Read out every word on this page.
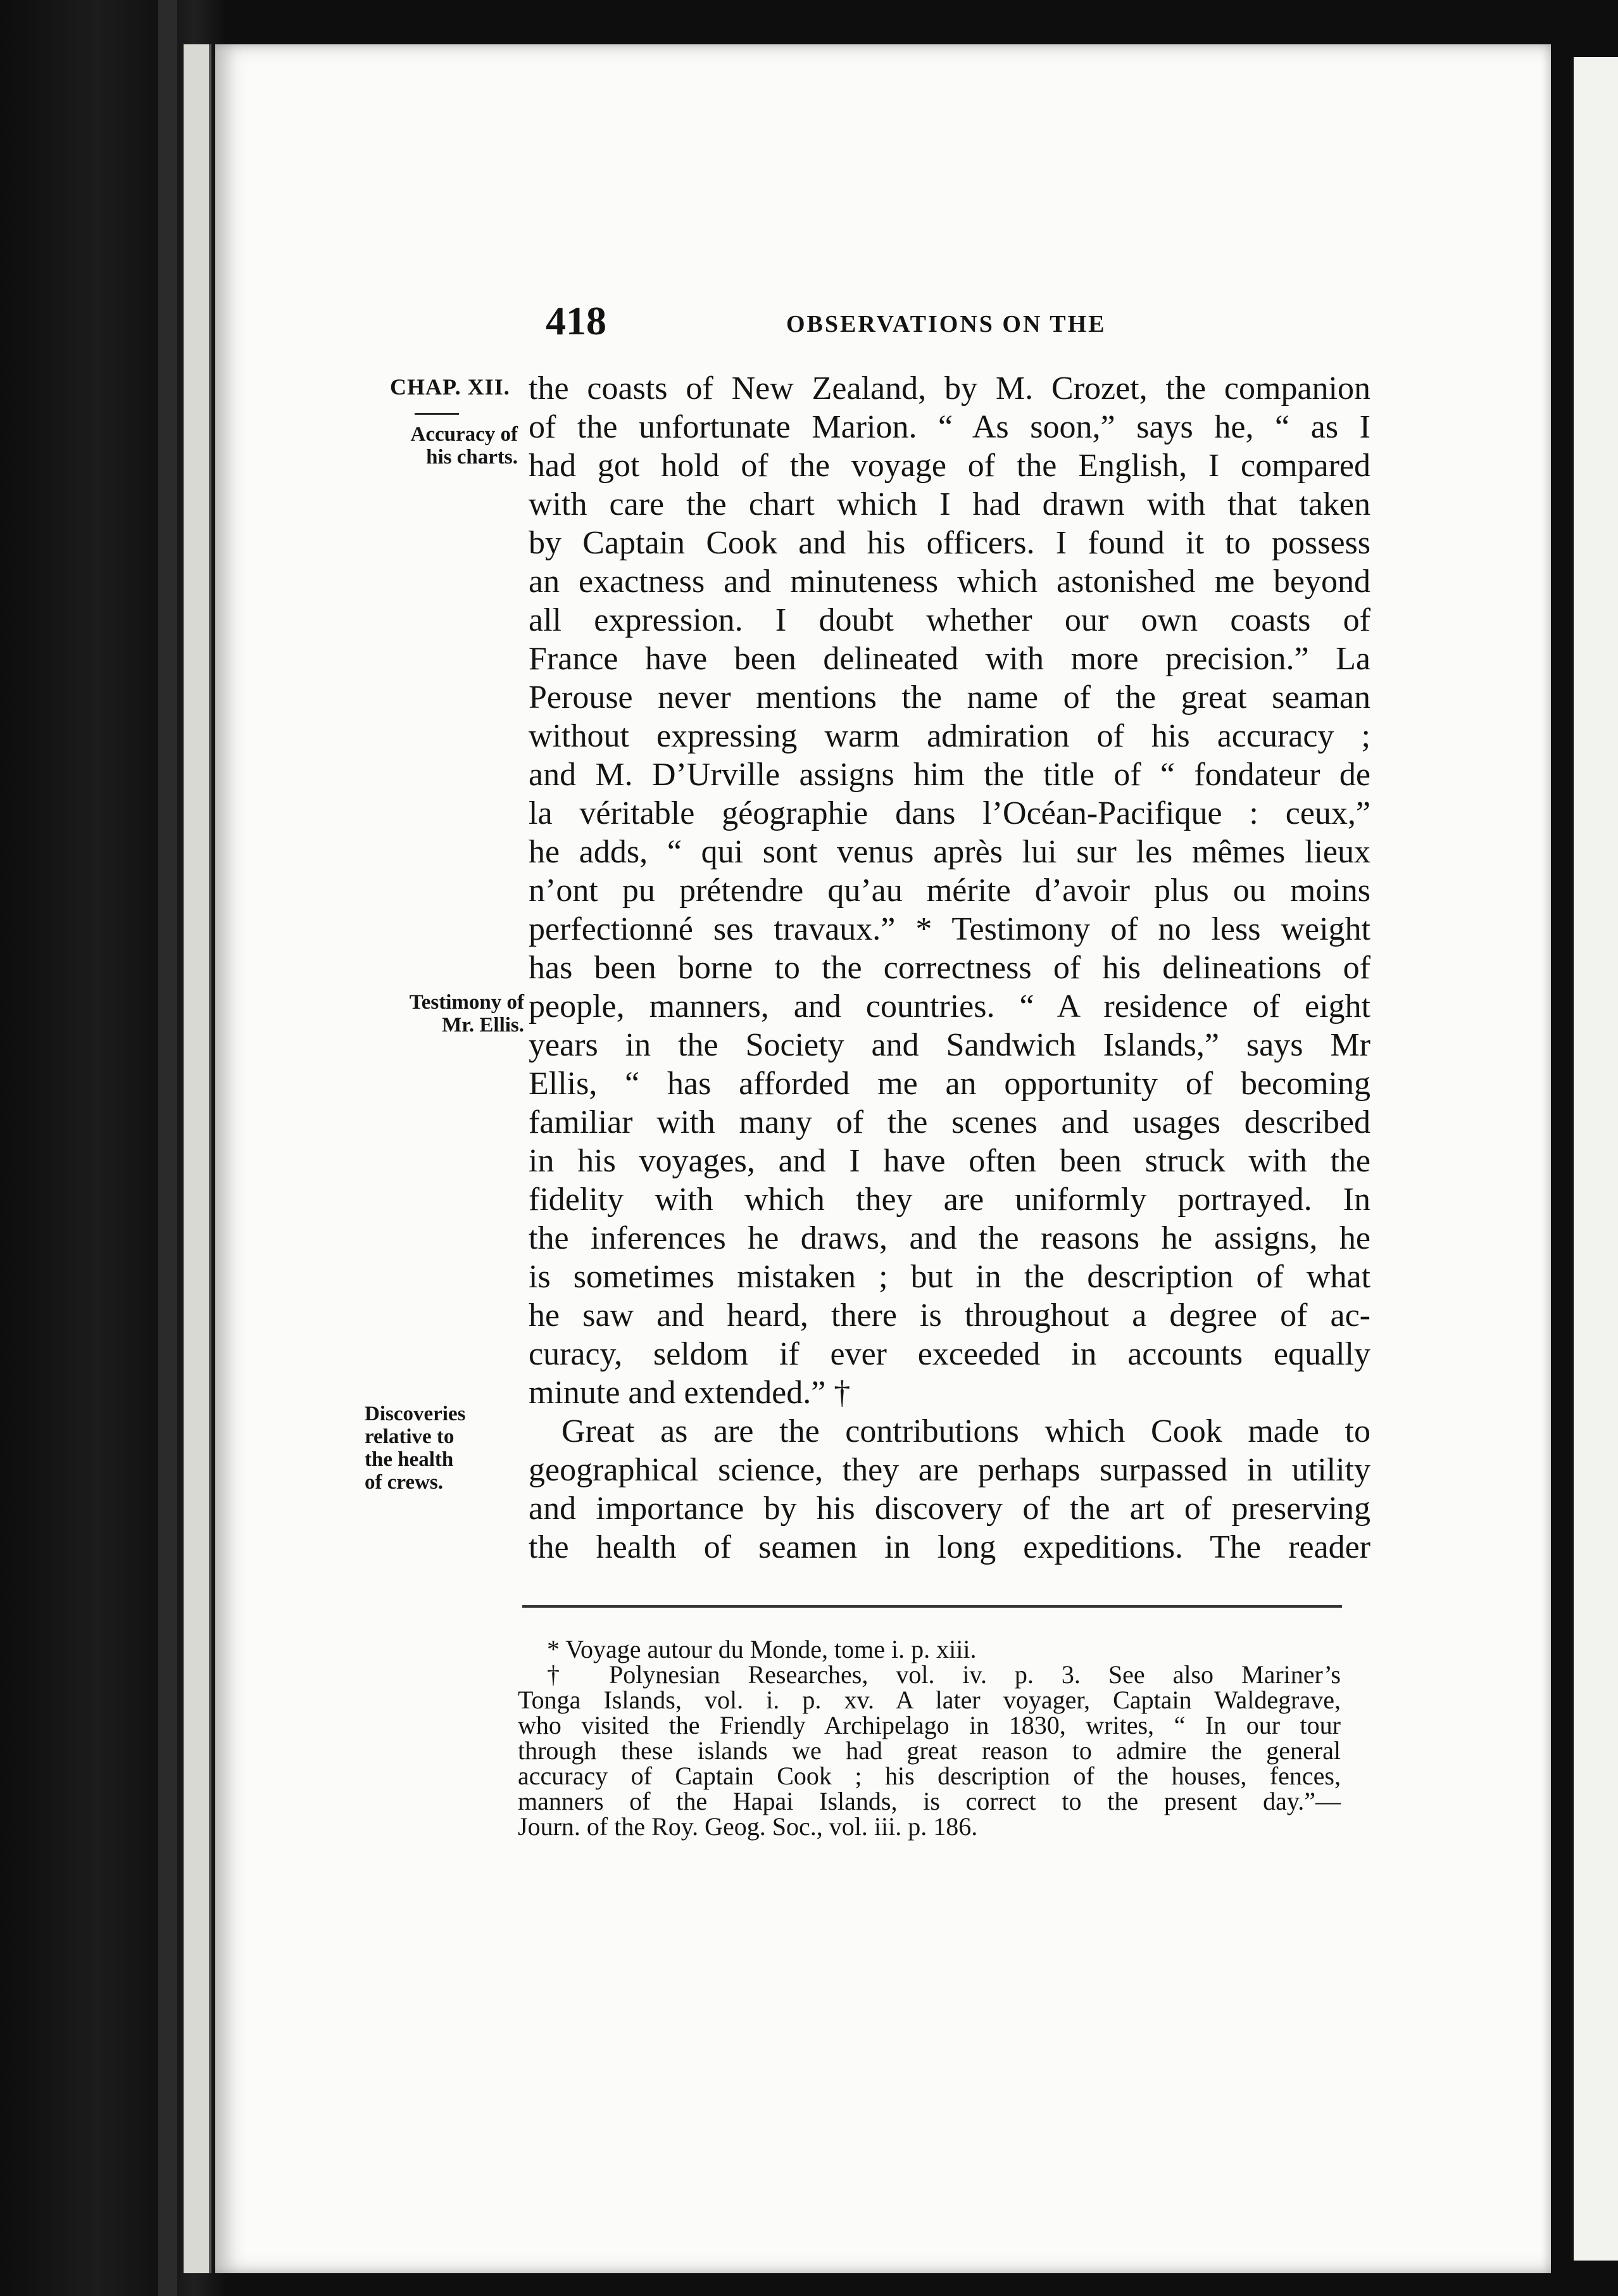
418	OBSERVATIONS ON THE
CHAP. XII.
Accuracy of
his charts.
Testimony of
Mr. Ellis.
Discoveries
relative to
the health
of crews.
the coasts of New Zealand, by M. Crozet, the companion
of the unfortunate Marion. “ As soon,” says he, “ as I
had got hold of the voyage of the English, I compared
with care the chart which I had drawn with that taken
by Captain Cook and his officers. I found it to possess
an exactness and minuteness which astonished me beyond
all expression. I doubt whether our own coasts of
France have been delineated with more precision.” La
Perouse never mentions the name of the great seaman
without expressing warm admiration of his accuracy ;
and M. D’Urville assigns him the title of “ fondateur de
la véritable géographie dans l’Océan-Pacifique : ceux,”
he adds, “ qui sont venus après lui sur les mêmes lieux
n’ont pu prétendre qu’au mérite d’avoir plus ou moins
perfectionné ses travaux.” * Testimony of no less weight
has been borne to the correctness of his delineations of
people, manners, and countries. “ A residence of eight
years in the Society and Sandwich Islands,” says Mr
Ellis, “ has afforded me an opportunity of becoming
familiar with many of the scenes and usages described
in his voyages, and I have often been struck with the
fidelity with which they are uniformly portrayed. In
the inferences he draws, and the reasons he assigns, he
is sometimes mistaken ; but in the description of what
he saw and heard, there is throughout a degree of ac-
curacy, seldom if ever exceeded in accounts equally
minute and extended.” †
Great as are the contributions which Cook made to
geographical science, they are perhaps surpassed in utility
and importance by his discovery of the art of preserving
the health of seamen in long expeditions. The reader
* Voyage autour du Monde, tome i. p. xiii.
† Polynesian Researches, vol. iv. p. 3. See also Mariner’s
Tonga Islands, vol. i. p. xv. A later voyager, Captain Waldegrave,
who visited the Friendly Archipelago in 1830, writes, “ In our tour
through these islands we had great reason to admire the general
accuracy of Captain Cook ; his description of the houses, fences,
manners of the Hapai Islands, is correct to the present day.”—
Journ. of the Roy. Geog. Soc., vol. iii. p. 186.
